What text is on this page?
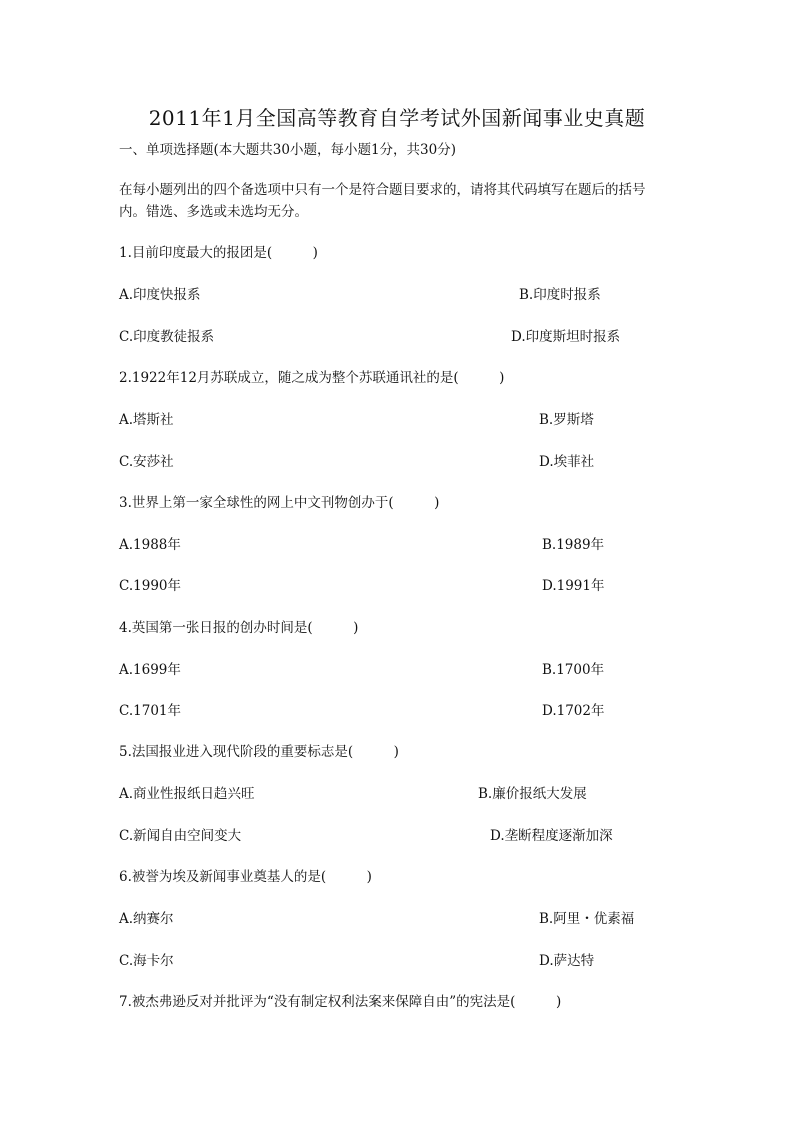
2011年1月全国高等教育自学考试外国新闻事业史真题
一、单项选择题(本大题共30小题，每小题1分，共30分)
在每小题列出的四个备选项中只有一个是符合题目要求的，请将其代码填写在题后的括号
内。错选、多选或未选均无分。
1.目前印度最大的报团是(　　　)
A.印度快报系	B.印度时报系
C.印度教徒报系	D.印度斯坦时报系
2.1922年12月苏联成立，随之成为整个苏联通讯社的是(　　　)
A.塔斯社	B.罗斯塔
C.安莎社	D.埃菲社
3.世界上第一家全球性的网上中文刊物创办于(　　　)
A.1988年	B.1989年
C.1990年	D.1991年
4.英国第一张日报的创办时间是(　　　)
A.1699年	B.1700年
C.1701年	D.1702年
5.法国报业进入现代阶段的重要标志是(　　　)
A.商业性报纸日趋兴旺	B.廉价报纸大发展
C.新闻自由空间变大	D.垄断程度逐渐加深
6.被誉为埃及新闻事业奠基人的是(　　　)
A.纳赛尔	B.阿里・优素福
C.海卡尔	D.萨达特
7.被杰弗逊反对并批评为“没有制定权利法案来保障自由”的宪法是(　　　)
